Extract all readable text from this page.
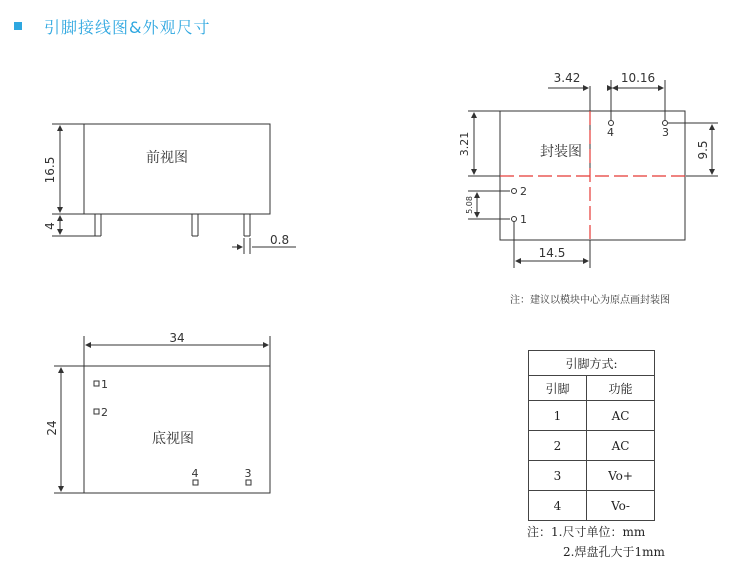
引脚接线图&外观尺寸
前视图
16.5
4
0.8
封装图
3.42	10.16
9.5
3.21
5.08
14.5
4	3
2
1
注：建议以模块中心为原点画封装图
34
24
底视图
1
2
4	3
引脚方式:	
引脚	功能
1	AC
2	AC
3	Vo+
4	Vo-
注：1.尺寸单位：mm
2.焊盘孔大于1mm
